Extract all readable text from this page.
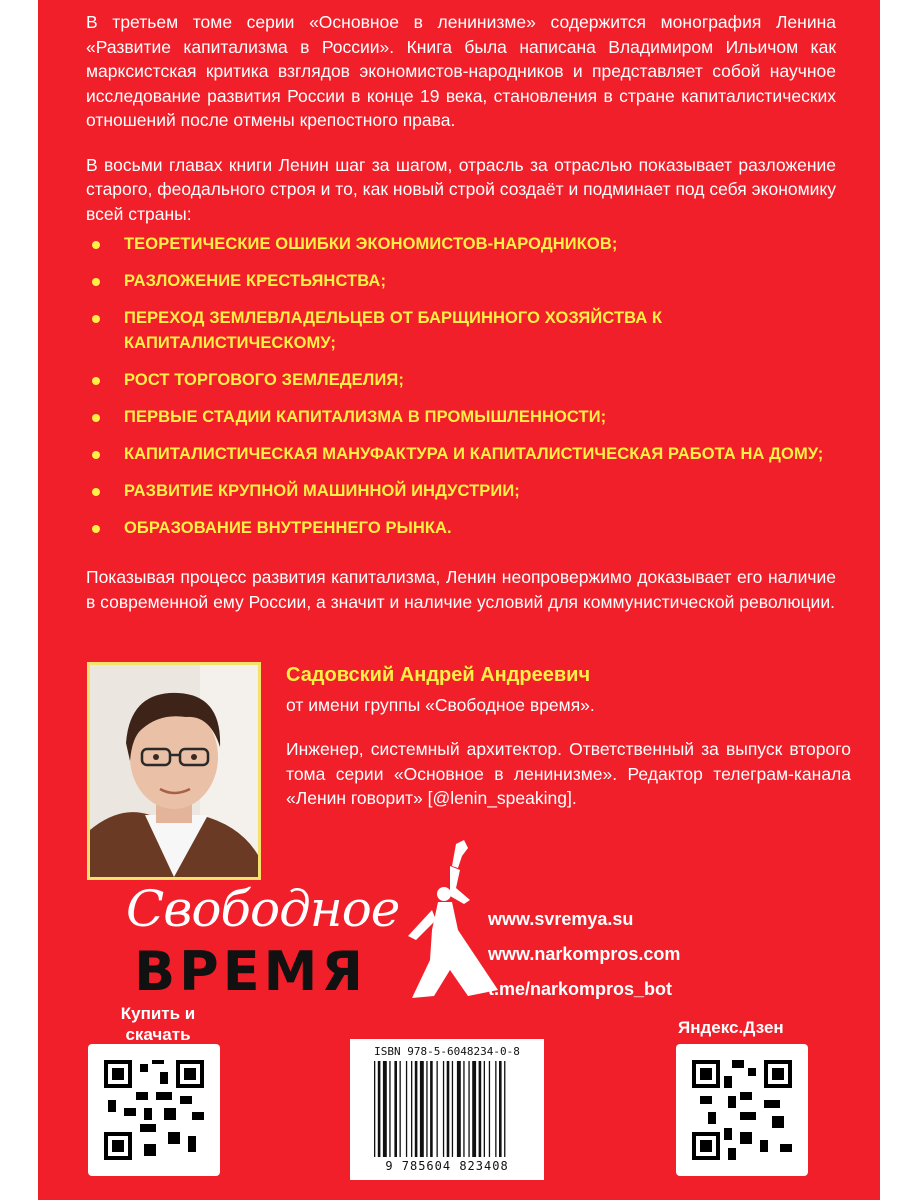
В третьем томе серии «Основное в ленинизме» содержится монография Ленина «Развитие капитализма в России». Книга была написана Владимиром Ильичом как марксистская критика взглядов экономистов-народников и представляет собой научное исследование развития России в конце 19 века, становления в стране капиталистических отношений после отмены крепостного права.

В восьми главах книги Ленин шаг за шагом, отрасль за отраслью показывает разложение старого, феодального строя и то, как новый строй создаёт и подминает под себя экономику всей страны:

ТЕОРЕТИЧЕСКИЕ ОШИБКИ ЭКОНОМИСТОВ-НАРОДНИКОВ;
РАЗЛОЖЕНИЕ КРЕСТЬЯНСТВА;
ПЕРЕХОД ЗЕМЛЕВЛАДЕЛЬЦЕВ ОТ БАРЩИННОГО ХОЗЯЙСТВА К КАПИТАЛИСТИЧЕСКОМУ;
РОСТ ТОРГОВОГО ЗЕМЛЕДЕЛИЯ;
ПЕРВЫЕ СТАДИИ КАПИТАЛИЗМА В ПРОМЫШЛЕННОСТИ;
КАПИТАЛИСТИЧЕСКАЯ МАНУФАКТУРА И КАПИТАЛИСТИЧЕСКАЯ РАБОТА НА ДОМУ;
РАЗВИТИЕ КРУПНОЙ МАШИННОЙ ИНДУСТРИИ;
ОБРАЗОВАНИЕ ВНУТРЕННЕГО РЫНКА.

Показывая процесс развития капитализма, Ленин неопровержимо доказывает его наличие в современной ему России, а значит и наличие условий для коммунистической революции.

Садовский Андрей Андреевич
от имени группы «Свободное время».
Инженер, системный архитектор. Ответственный за выпуск второго тома серии «Основное в ленинизме». Редактор телеграм-канала «Ленин говорит» [@lenin_speaking].
Свободное
ВРЕМЯ
www.svremya.su
www.narkompros.com
t.me/narkompros_bot
Купить и скачать	Яндекс.Дзен
ISBN 978-5-6048234-0-8
9 785604 823408
